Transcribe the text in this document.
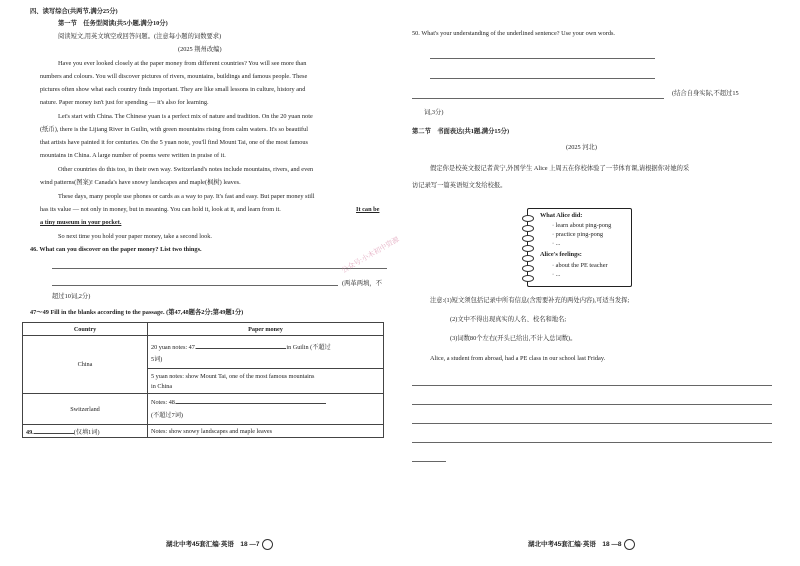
四、读写综合(共两节,满分25分)
第一节　任务型阅读(共5小题,满分10分)
阅读短文,用英文填空或回答问题。(注意每小题的词数要求)
(2025 荆州改编)
Have you ever looked closely at the paper money from different countries? You will see more than
numbers and colours. You will discover pictures of rivers, mountains, buildings and famous people. These
pictures often show what each country finds important. They are like small lessons in culture, history and
nature. Paper money isn't just for spending — it's also for learning.
Let's start with China. The Chinese yuan is a perfect mix of nature and tradition. On the 20 yuan note
(纸币), there is the Lijiang River in Guilin, with green mountains rising from calm waters. It's so beautiful
that artists have painted it for centuries. On the 5 yuan note, you'll find Mount Tai, one of the most famous
mountains in China. A large number of poems were written in praise of it.
Other countries do this too, in their own way. Switzerland's notes include mountains, rivers, and even
wind patterns(图案)! Canada's have snowy landscapes and maple(枫树) leaves.
These days, many people use phones or cards as a way to pay. It's fast and easy. But paper money still
has its value — not only in money, but in meaning. You can hold it, look at it, and learn from it.	It can be
a tiny museum in your pocket.
So next time you hold your paper money, take a second look.
46. What can you discover on the paper money? List two things.
(两革两填，不
超过10词,2分)
47～49 Fill in the blanks according to the passage. (第47,48题各2分;第49题1分)
Country	Paper money
China	20 yuan notes: 47. in Guilin (不超过
5词)

	5 yuan notes: show Mount Tai, one of the most famous mountains
in China

Switzerland	Notes: 48.
(不超过7词)

49. (仅填1词)	Notes: show snowy landscapes and maple leaves
湖北中考45套汇编·英语　18 —7
50. What's your understanding of the underlined sentence? Use your own words.
(结合自身实际,不超过15
词,3分)
第二节　书面表达(共1题,满分15分)
(2025 河北)
假定你是校英文报记者黄宁,外国学生 Alice 上周五在你校体验了一节体育课,请根据你对她的采
访记录写一篇英语短文发给校报。
What Alice did:
· learn about ping-pong
· practice ping-pong
· ...
Alice's feelings:
· about the PE teacher
· ...
注意:(1)短文须包括记录中所有信息(含需要补充的两处内容),可适当发挥;
(2)文中不得出现真实的人名、校名和地名;
(3)词数80个左右(开头已给出,不计入总词数)。
Alice, a student from abroad, had a PE class in our school last Friday.
湖北中考45套汇编·英语　18 —8
公众号:小木初中资源
